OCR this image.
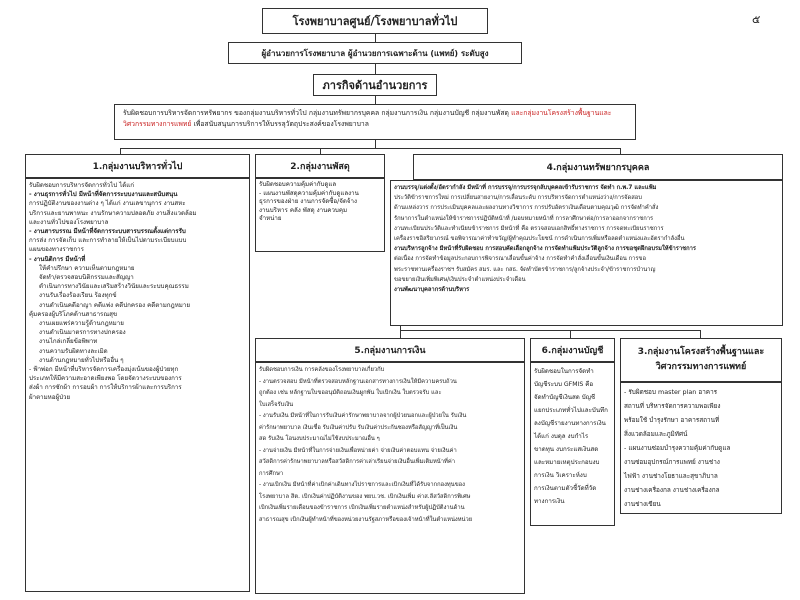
๕
โรงพยาบาลศูนย์/โรงพยาบาลทั่วไป
ผู้อำนวยการโรงพยาบาล ผู้อำนวยการเฉพาะด้าน (แพทย์) ระดับสูง
ภารกิจด้านอำนวยการ
รับผิดชอบการบริหารจัดการทรัพยากร ของกลุ่มงานบริหารทั่วไป กลุ่มงานทรัพยากรบุคคล กลุ่มงานการเงิน กลุ่มงานบัญชี กลุ่มงานพัสดุ และกลุ่มงานโครงสร้างพื้นฐานและวิศวกรรมทางการแพทย์ เพื่อสนับสนุนการบริการให้บรรลุวัตถุประสงค์ของโรงพยาบาล
1.กลุ่มงานบริหารทั่วไป

รับผิดชอบการบริหารจัดการทั่วไป ได้แก่

- งานธุรการทั่วไป มีหน้าที่จัดการระบบงานและสนับสนุน

การปฏิบัติงานของงานต่าง ๆ ได้แก่ งานเลขานุการ งานสหะ

บริการและยานพาหนะ งานรักษาความปลอดภัย งานสิ่งแวดล้อม

และงานทั่วไปของโรงพยาบาล

- งานสารบรรณ มีหน้าที่จัดการระบบสารบรรณตั้งแต่การรับ

การส่ง การจัดเก็บ และการทำลายให้เป็นไปตามระเบียบแบบ

แผนของทางราชการ

- งานนิติการ มีหน้าที่

ให้คำปรึกษา ความเห็นตามกฎหมาย

จัดทำ/ตรวจสอบนิติกรรมและสัญญา

ดำเนินการทางวินัยและเสริมสร้างวินัยและระบบคุณธรรม

งานรับเรื่องร้องเรียน ร้องทุกข์

งานดำเนินคดีอาญา คดีแพ่ง คดีปกครอง คดีตามกฎหมาย

คุ้มครองผู้บริโภคด้านสาธารณสุข

งานเผยแพร่ความรู้ด้านกฎหมาย

งานดำเนินมาตรการทางปกครอง

งานไกล่เกลี่ยข้อพิพาท

งานความรับผิดทางละเมิด

งานด้านกฎหมายทั่วไปหรืออื่น ๆ

- ฟ้าพ่อก มีหน้าที่บริหารจัดการเครื่องมุ่งเน้นของผู้ป่วยทุก

ประเภทให้มีความสะอาดเพียงพอ โดยจัดวางระบบของการ

ส่งผ้า การซักผ้า การอบผ้า การให้บริการผ้าและการบริการ

ผ้าตามหอผู้ป่วย

2.กลุ่มงานพัสดุ

รับผิดชอบความคุ้มค่ากับดูแล

- แผนงานพัสดุความคุ้มค่ากับดูแลงาน

ธุรการของฝ่าย งานการจัดซื้อ/จัดจ้าง

งานบริหาร คลัง พัสดุ งานควบคุม

จำหน่าย

4.กลุ่มงานทรัพยากรบุคคล

งานบรรจุ/แต่งตั้ง/อัตรากำลัง มีหน้าที่ การบรรจุ/การบรรจุกลับบุคคลเข้ารับราชการ จัดทำ ก.พ.7 และแฟ้ม

ประวัติข้าราชการใหม่ การเปลี่ยนสายงาน/การเลื่อนระดับ การบริหารจัดการตำแหน่งว่าง/การจัดสอบ

ด้านแหล่งวาร การประเมินบุคคลและผลงานทางวิชาการ การปรับอัตราเงินเดือนตามคุณวุฒิ การจัดทำคำสั่ง

รักษาการในตำแหน่งให้ข้าราชการปฏิบัติหน้าที่ /มอบหมายหน้าที่ การลาศึกษาต่อ/การลาออกจากราชการ

งานทะเบียนประวัติและทำเนียบข้าราชการ มีหน้าที่ คือ ตรวจสอบเอกสิทธิ์ทางราชการ การจดทะเบียนราชการ

เครื่องราชอิสริยาภรณ์ ขอพิจารณาค่าทำขวัญ/ผู้ทำคุณประโยชน์ การดำเนินการเพิ่มหรือลดตำแหน่งและอัตรากำลังอื่น

งานบริหารลูกจ้าง มีหน้าที่รับผิดชอบ การสอบคัดเลือกลูกจ้าง การจัดทำแฟ้มประวัติลูกจ้าง การขอชุดฝึกอบรมให้ข้าราชการ

ต่อเนื่อง การจัดทำข้อมูลประกอบการพิจารณาเลื่อนขั้นค่าจ้าง การจัดทำคำสั่งเลื่อนขั้นเงินเดือน การขอ

พระราชทานเครื่องราชฯ รับสมัคร สมร. และ กสธ. จัดทำบัตรข้าราชการ/ลูกจ้างประจำ/ข้าราชการบำนาญ

ขอขยายเงินเพิ่มพิเศษ/เงินประจำตำแหน่งประจำเดือน

งานพัฒนาบุคลากรด้านบริหาร

5.กลุ่มงานการเงิน

รับผิดชอบการเงิน การคลังของโรงพยาบาลเกี่ยวกับ

- งานตรวจสอบ มีหน้าที่ตรวจสอบหลักฐานเอกสารทางการเงินให้มีความครบถ้วน

ถูกต้อง เช่น หลักฐานใบขออนุมัติถอนเงินผูกพัน ใบเบิกเงิน ใบตรวจรับ และ

ใบเสร็จรับเงิน

- งานรับเงิน มีหน้าที่ในการรับเงินค่ารักษาพยาบาลจากผู้ป่วยนอกและผู้ป่วยใน รับเงิน

ค่ารักษาพยาบาล เงินเชื่อ รับเงินค่าปรับ รับเงินค่าประกันซองหรือสัญญาที่เป็นเงิน

สด รับเงิน โอนงบประมาณไม่ใช้งบประมาณอื่น ๆ

- งานจ่ายเงิน มีหน้าที่ในการจ่ายเงินเพื่อหน่ายค่า จ่ายเงินค่าตอบแทน จ่ายเงินค่า

สวัสดิการค่ารักษาพยาบาลหรือสวัสดิการค่าเล่าเรียนจ่ายเงินอื่นเพิ่มเติมหน้าที่ค่า

การศึกษา

- งานเบิกเงิน มีหน้าที่ค่าเบิกค่าเดินทางไปราชการและเบิกเงินที่ได้รับจากกองทุนของ

โรงพยาบาล สิต. เบิกเงินค่าปฏิบัติงานของ พยบ.วช. เบิกเงินเพิ่ม ค่าส.ลีสวัสดิการพิเศษ

เบิกเงินเพิ่มรายเดือนของข้าราชการ เบิกเงินเพิ่มรายตำแหน่งสำหรับผู้ปฏิบัติงานด้าน

สาธารณสุข เบิกเงินผู้ทำหน้าที่ของหน่วยงานรัฐสภาหรือของเจ้าหน้าที่ในตำแหน่งหน่วย

6.กลุ่มงานบัญชี

รับผิดชอบในการจัดทำ

บัญชีระบบ GFMIS คือ

จัดทำบัญชีเงินสด บัญชี

แยกประเภททั่วไปและบันทึก

ลงบัญชีรายงานทางการเงิน

ได้แก่ งบดุล งบกำไร

ขาดทุน งบกระแสเงินสด

และหมายเหตุประกอบงบ

การเงิน วิเคราะห์งบ

การเงินตามตัวชี้วัดที่วัด

ทางการเงิน

3.กลุ่มงานโครงสร้างพื้นฐานและวิศวกรรมทางการแพทย์

- รับผิดชอบ master plan อาคาร

สถานที่ บริหารจัดการความพอเพียง

พร้อมใช้ บำรุงรักษา อาคารสถานที่

สิ่งแวดล้อมและภูมิทัศน์

- แผนงานซ่อมบำรุงความคุ้มค่ากับดูแล

งานซ่อมอุปกรณ์การแพทย์ งานช่าง

ไฟฟ้า งานช่างโยธาและสุขาภิบาล

งานช่างเครื่องกล งานช่างเครื่องกล

งานช่างเขียน
